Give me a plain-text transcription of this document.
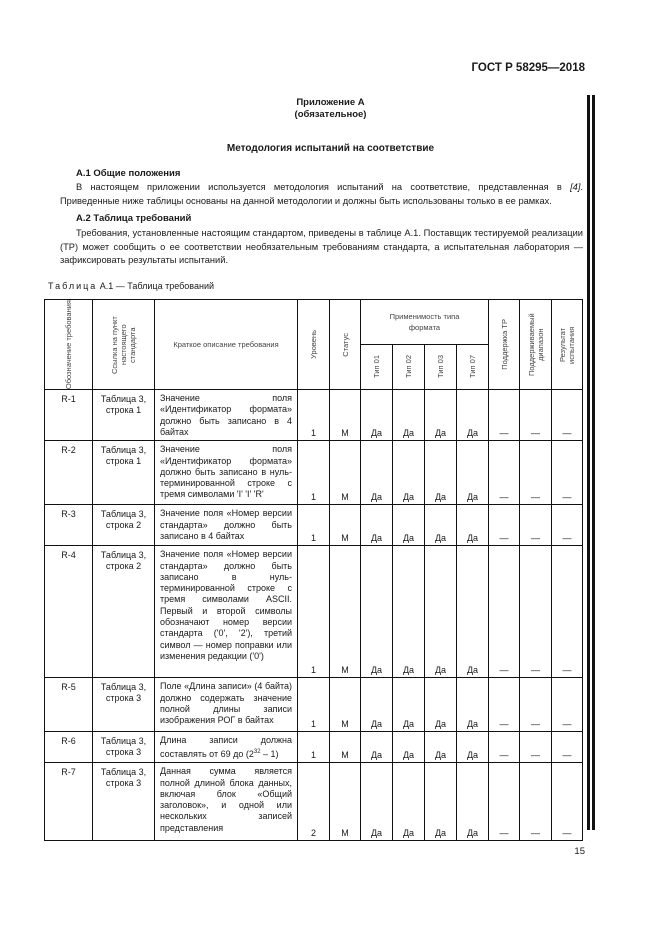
ГОСТ Р 58295—2018
Приложение А
(обязательное)
Методология испытаний на соответствие
А.1 Общие положения
В настоящем приложении используется методология испытаний на соответствие, представленная в [4]. Приведенные ниже таблицы основаны на данной методологии и должны быть использованы только в ее рамках.
А.2 Таблица требований
Требования, установленные настоящим стандартом, приведены в таблице А.1. Поставщик тестируемой реализации (ТР) может сообщить о ее соответствии необязательным требованиям стандарта, а испытательная лаборатория — зафиксировать результаты испытаний.
Таблица А.1 — Таблица требований
Обозначение требования	Ссылка на пункт настоящего стандарта	Краткое описание требования	Уровень	Статус	Применимость типа формата				Поддержка ТР	Поддерживаемый диапазон	Результат испытания

					Тип 01	Тип 02	Тип 03	Тип 07			

R-1	Таблица 3, строка 1	Значение поля «Идентификатор формата» должно быть записано в 4 байтах	1	М	Да	Да	Да	Да	—	—	—
R-2	Таблица 3, строка 1	Значение поля «Идентификатор формата» должно быть записано в нуль-терминированной строке с тремя символами 'I' 'I' 'R'	1	М	Да	Да	Да	Да	—	—	—
R-3	Таблица 3, строка 2	Значение поля «Номер версии стандарта» должно быть записано в 4 байтах	1	М	Да	Да	Да	Да	—	—	—
R-4	Таблица 3, строка 2	Значение поля «Номер версии стандарта» должно быть записано в нуль-терминированной строке с тремя символами ASCII. Первый и второй символы обозначают номер версии стандарта ('0', '2'), третий символ — номер поправки или изменения редакции ('0')	1	М	Да	Да	Да	Да	—	—	—
R-5	Таблица 3, строка 3	Поле «Длина записи» (4 байта) должно содержать значение полной длины записи изображения РОГ в байтах	1	М	Да	Да	Да	Да	—	—	—
R-6	Таблица 3, строка 3	Длина записи должна составлять от 69 до $(2^{32} - 1)$	1	М	Да	Да	Да	Да	—	—	—
R-7	Таблица 3, строка 3	Данная сумма является полной длиной блока данных, включая блок «Общий заголовок», и одной или нескольких записей представления	2	М	Да	Да	Да	Да	—	—	—
15
